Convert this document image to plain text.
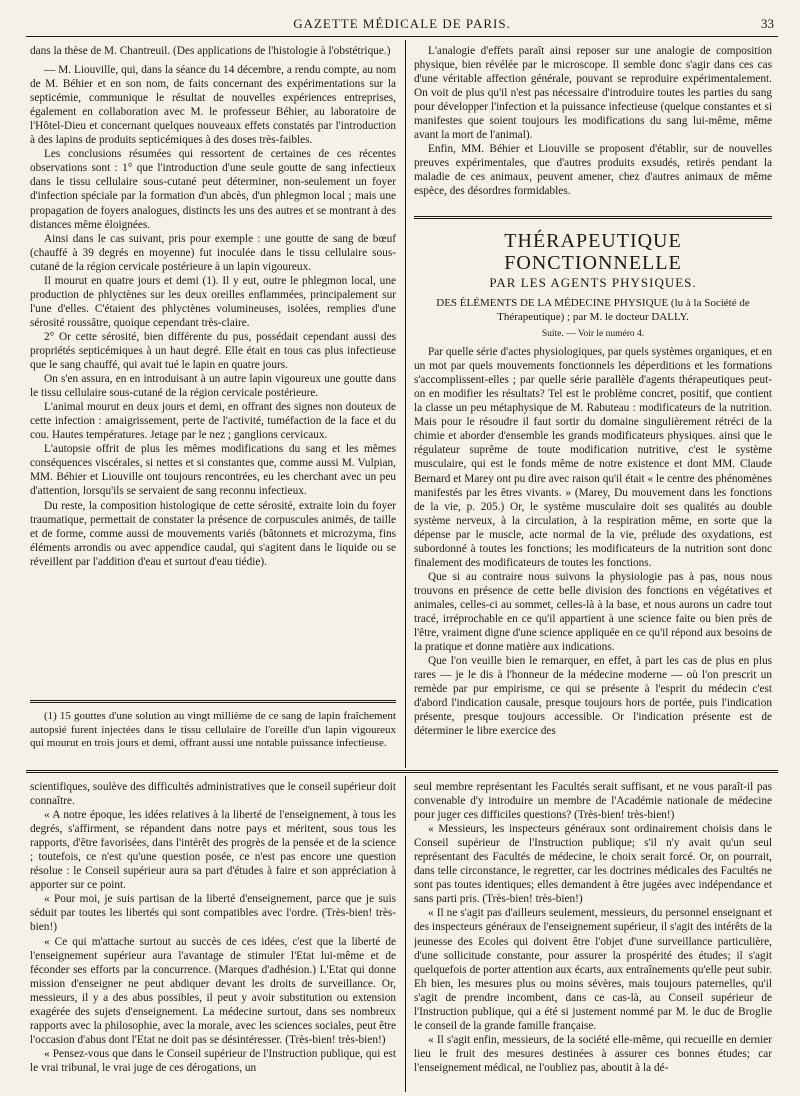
GAZETTE MÉDICALE DE PARIS.	33

dans la thèse de M. Chantreuil. (Des applications de l'histologie à l'obstétrique.)

— M. Liouville, qui, dans la séance du 14 décembre, a rendu compte, au nom de M. Béhier et en son nom, de faits concernant des expérimentations sur la septicémie, communique le résultat de nouvelles expériences entreprises, également en collaboration avec M. le professeur Béhier, au laboratoire de l'Hôtel-Dieu et concernant quelques nouveaux effets constatés par l'introduction à des lapins de produits septicémiques à des doses très-faibles.

Les conclusions résumées qui ressortent de certaines de ces récentes observations sont : 1° que l'introduction d'une seule goutte de sang infectieux dans le tissu cellulaire sous-cutané peut déterminer, non-seulement un foyer d'infection spéciale par la formation d'un abcès, d'un phlegmon local ; mais une propagation de foyers analogues, distincts les uns des autres et se montrant à des distances même éloignées.

Ainsi dans le cas suivant, pris pour exemple : une goutte de sang de bœuf (chauffé à 39 degrés en moyenne) fut inoculée dans le tissu cellulaire sous-cutané de la région cervicale postérieure à un lapin vigoureux.

Il mourut en quatre jours et demi (1). Il y eut, outre le phlegmon local, une production de phlyctènes sur les deux oreilles enflammées, principalement sur l'une d'elles. C'étaient des phlyctènes volumineuses, isolées, remplies d'une sérosité roussâtre, quoique cependant très-claire.

2° Or cette sérosité, bien différente du pus, possédait cependant aussi des propriétés septicémiques à un haut degré. Elle était en tous cas plus infectieuse que le sang chauffé, qui avait tué le lapin en quatre jours.

On s'en assura, en en introduisant à un autre lapin vigoureux une goutte dans le tissu cellulaire sous-cutané de la région cervicale postérieure.

L'animal mourut en deux jours et demi, en offrant des signes non douteux de cette infection : amaigrissement, perte de l'activité, tuméfaction de la face et du cou. Hautes températures. Jetage par le nez ; ganglions cervicaux.

L'autopsie offrit de plus les mêmes modifications du sang et les mêmes conséquences viscérales, si nettes et si constantes que, comme aussi M. Vulpian, MM. Béhier et Liouville ont toujours rencontrées, eu les cherchant avec un peu d'attention, lorsqu'ils se servaient de sang reconnu infectieux.

Du reste, la composition histologique de cette sérosité, extraite loin du foyer traumatique, permettait de constater la présence de corpuscules animés, de taille et de forme, comme aussi de mouvements variés (bâtonnets et microzyma, fins éléments arrondis ou avec appendice caudal, qui s'agitent dans le liquide ou se réveillent par l'addition d'eau et surtout d'eau tiédie).

(1) 15 gouttes d'une solution au vingt millième de ce sang de lapin fraîchement autopsié furent injectées dans le tissu cellulaire de l'oreille d'un lapin vigoureux qui mourut en trois jours et demi, offrant aussi une notable puissance infectieuse.

L'analogie d'effets paraît ainsi reposer sur une analogie de composition physique, bien révélée par le microscope. Il semble donc s'agir dans ces cas d'une véritable affection générale, pouvant se reproduire expérimentalement. On voit de plus qu'il n'est pas nécessaire d'introduire toutes les parties du sang pour développer l'infection et la puissance infectieuse (quelque constantes et si manifestes que soient toujours les modifications du sang lui-même, même avant la mort de l'animal).

Enfin, MM. Béhier et Liouville se proposent d'établir, sur de nouvelles preuves expérimentales, que d'autres produits exsudés, retirés pendant la maladie de ces animaux, peuvent amener, chez d'autres animaux de même espèce, des désordres formidables.

THÉRAPEUTIQUE FONCTIONNELLE
PAR LES AGENTS PHYSIQUES.
DES ÉLÉMENTS DE LA MÉDECINE PHYSIQUE (lu à la Société de Thérapeutique) ; par M. le docteur DALLY.
Suite. — Voir le numéro 4.

Par quelle série d'actes physiologiques, par quels systèmes organiques, et en un mot par quels mouvements fonctionnels les déperditions et les formations s'accomplissent-elles ; par quelle série parallèle d'agents thérapeutiques peut-on en modifier les résultats? Tel est le problème concret, positif, que contient la classe un peu métaphysique de M. Rabuteau : modificateurs de la nutrition. Mais pour le résoudre il faut sortir du domaine singulièrement rétréci de la chimie et aborder d'ensemble les grands modificateurs physiques. ainsi que le régulateur suprême de toute modification nutritive, c'est le système musculaire, qui est le fonds même de notre existence et dont MM. Claude Bernard et Marey ont pu dire avec raison qu'il était « le centre des phénomènes manifestés par les êtres vivants. » (Marey, Du mouvement dans les fonctions de la vie, p. 205.) Or, le système musculaire doit ses qualités au double système nerveux, à la circulation, à la respiration même, en sorte que la dépense par le muscle, acte normal de la vie, prélude des oxydations, est subordonné à toutes les fonctions; les modificateurs de la nutrition sont donc finalement des modificateurs de toutes les fonctions.

Que si au contraire nous suivons la physiologie pas à pas, nous nous trouvons en présence de cette belle division des fonctions en végétatives et animales, celles-ci au sommet, celles-là à la base, et nous aurons un cadre tout tracé, irréprochable en ce qu'il appartient à une science faite ou bien près de l'être, vraiment digne d'une science appliquée en ce qu'il répond aux besoins de la pratique et donne matière aux indications.

Que l'on veuille bien le remarquer, en effet, à part les cas de plus en plus rares — je le dis à l'honneur de la médecine moderne — où l'on prescrit un remède par pur empirisme, ce qui se présente à l'esprit du médecin c'est d'abord l'indication causale, presque toujours hors de portée, puis l'indication présente, presque toujours accessible. Or l'indication présente est de déterminer le libre exercice des

scientifiques, soulève des difficultés administratives que le conseil supérieur doit connaître.

« A notre époque, les idées relatives à la liberté de l'enseignement, à tous les degrés, s'affirment, se répandent dans notre pays et méritent, sous tous les rapports, d'être favorisées, dans l'intérêt des progrès de la pensée et de la science ; toutefois, ce n'est qu'une question posée, ce n'est pas encore une question résolue : le Conseil supérieur aura sa part d'études à faire et son appréciation à apporter sur ce point.

« Pour moi, je suis partisan de la liberté d'enseignement, parce que je suis séduit par toutes les libertés qui sont compatibles avec l'ordre. (Très-bien! très-bien!)

« Ce qui m'attache surtout au succès de ces idées, c'est que la liberté de l'enseignement supérieur aura l'avantage de stimuler l'Etat lui-même et de féconder ses efforts par la concurrence. (Marques d'adhésion.) L'Etat qui donne mission d'enseigner ne peut abdiquer devant les droits de surveillance. Or, messieurs, il y a des abus possibles, il peut y avoir substitution ou extension exagérée des sujets d'enseignement. La médecine surtout, dans ses nombreux rapports avec la philosophie, avec la morale, avec les sciences sociales, peut être l'occasion d'abus dont l'Etat ne doit pas se désintéresser. (Très-bien! très-bien!)

« Pensez-vous que dans le Conseil supérieur de l'Instruction publique, qui est le vrai tribunal, le vrai juge de ces dérogations, un

seul membre représentant les Facultés serait suffisant, et ne vous paraît-il pas convenable d'y introduire un membre de l'Académie nationale de médecine pour juger ces difficiles questions? (Très-bien! très-bien!)

« Messieurs, les inspecteurs généraux sont ordinairement choisis dans le Conseil supérieur de l'Instruction publique; s'il n'y avait qu'un seul représentant des Facultés de médecine, le choix serait forcé. Or, on pourrait, dans telle circonstance, le regretter, car les doctrines médicales des Facultés ne sont pas toutes identiques; elles demandent à être jugées avec indépendance et sans parti pris. (Très-bien! très-bien!)

« Il ne s'agit pas d'ailleurs seulement, messieurs, du personnel enseignant et des inspecteurs généraux de l'enseignement supérieur, il s'agit des intérêts de la jeunesse des Ecoles qui doivent être l'objet d'une surveillance particulière, d'une sollicitude constante, pour assurer la prospérité des études; il s'agit quelquefois de porter attention aux écarts, aux entraînements qu'elle peut subir. Eh bien, les mesures plus ou moins sévères, mais toujours paternelles, qu'il s'agit de prendre incombent, dans ce cas-là, au Conseil supérieur de l'Instruction publique, qui a été si justement nommé par M. le duc de Broglie le conseil de la grande famille française.

« Il s'agit enfin, messieurs, de la société elle-même, qui recueille en dernier lieu le fruit des mesures destinées à assurer ces bonnes études; car l'enseignement médical, ne l'oubliez pas, aboutit à la dé-
